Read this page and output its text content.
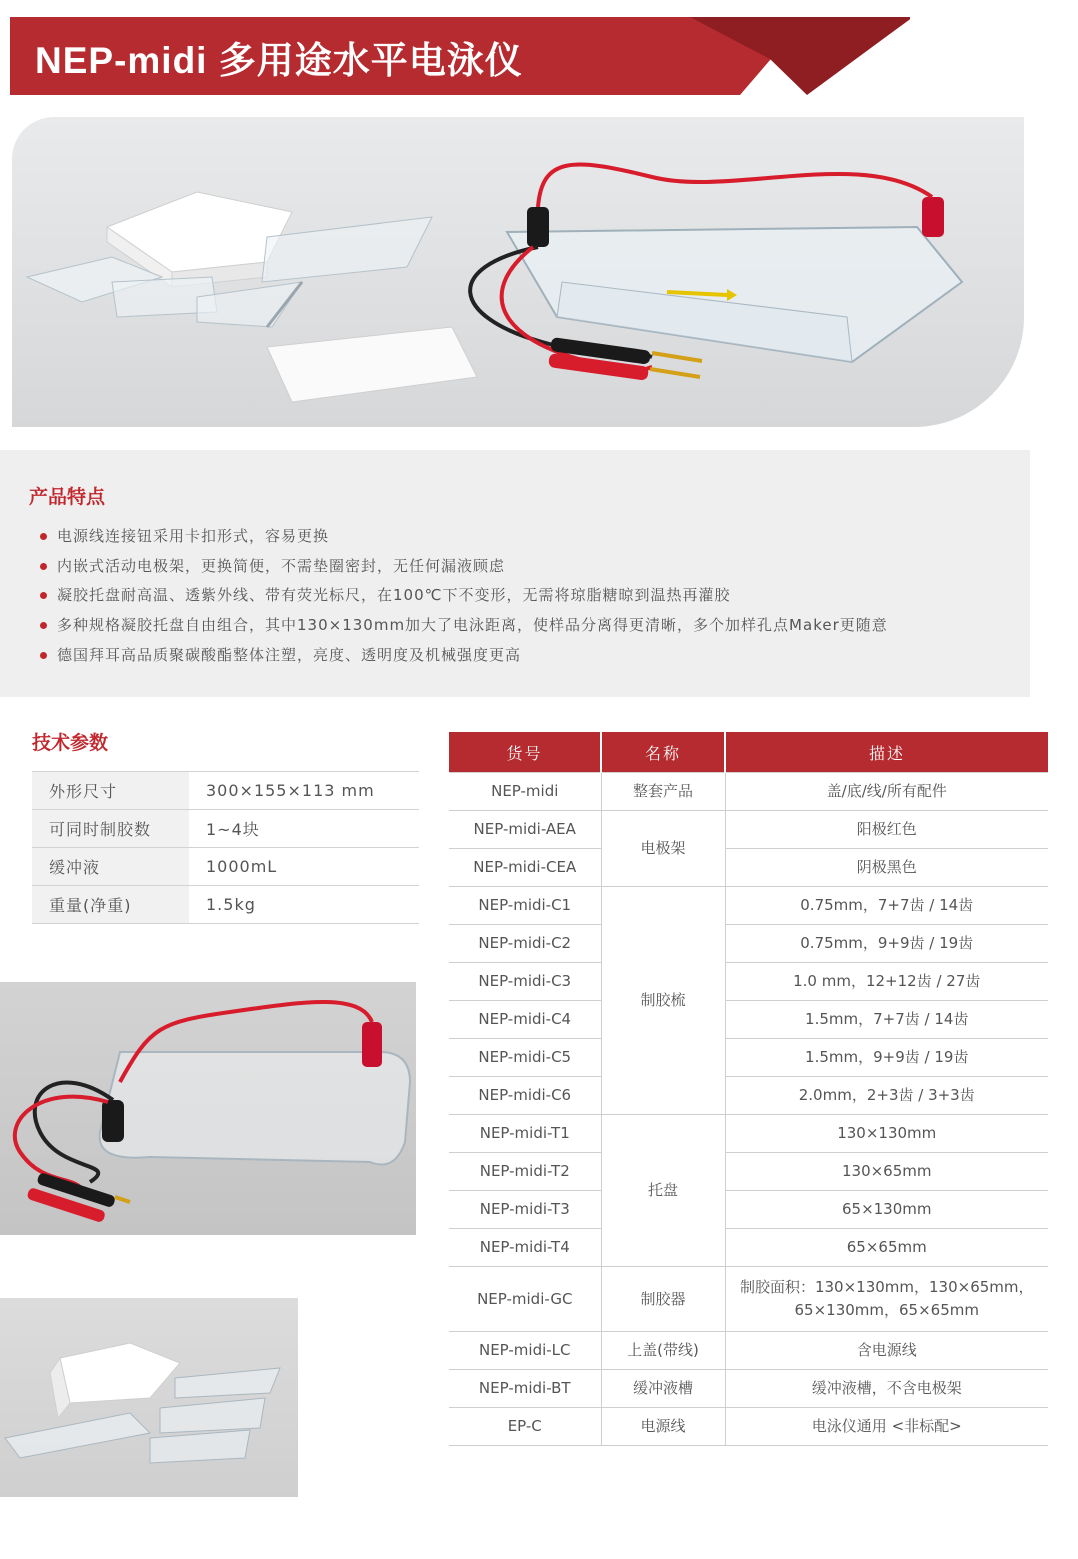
NEP-midi 多用途水平电泳仪
产品特点
电源线连接钮采用卡扣形式，容易更换
内嵌式活动电极架，更换简便，不需垫圈密封，无任何漏液顾虑
凝胶托盘耐高温、透紫外线、带有荧光标尺，在100℃下不变形，无需将琼脂糖晾到温热再灌胶
多种规格凝胶托盘自由组合，其中130×130mm加大了电泳距离，使样品分离得更清晰，多个加样孔点Maker更随意
德国拜耳高品质聚碳酸酯整体注塑，亮度、透明度及机械强度更高
技术参数
外形尺寸	300×155×113 mm
可同时制胶数	1~4块
缓冲液	1000mL
重量(净重)	1.5kg
货号	名称	描述
NEP-midi	整套产品	盖/底/线/所有配件
NEP-midi-AEA	电极架	阳极红色
NEP-midi-CEA		阴极黑色
NEP-midi-C1	制胶梳	0.75mm，7+7齿 / 14齿
NEP-midi-C2		0.75mm，9+9齿 / 19齿
NEP-midi-C3		1.0 mm，12+12齿 / 27齿
NEP-midi-C4		1.5mm，7+7齿 / 14齿
NEP-midi-C5		1.5mm，9+9齿 / 19齿
NEP-midi-C6		2.0mm，2+3齿 / 3+3齿
NEP-midi-T1	托盘	130×130mm
NEP-midi-T2		130×65mm
NEP-midi-T3		65×130mm
NEP-midi-T4		65×65mm
NEP-midi-GC	制胶器	制胶面积：130×130mm，130×65mm，65×130mm，65×65mm
NEP-midi-LC	上盖(带线)	含电源线
NEP-midi-BT	缓冲液槽	缓冲液槽，不含电极架
EP-C	电源线	电泳仪通用 <非标配>
